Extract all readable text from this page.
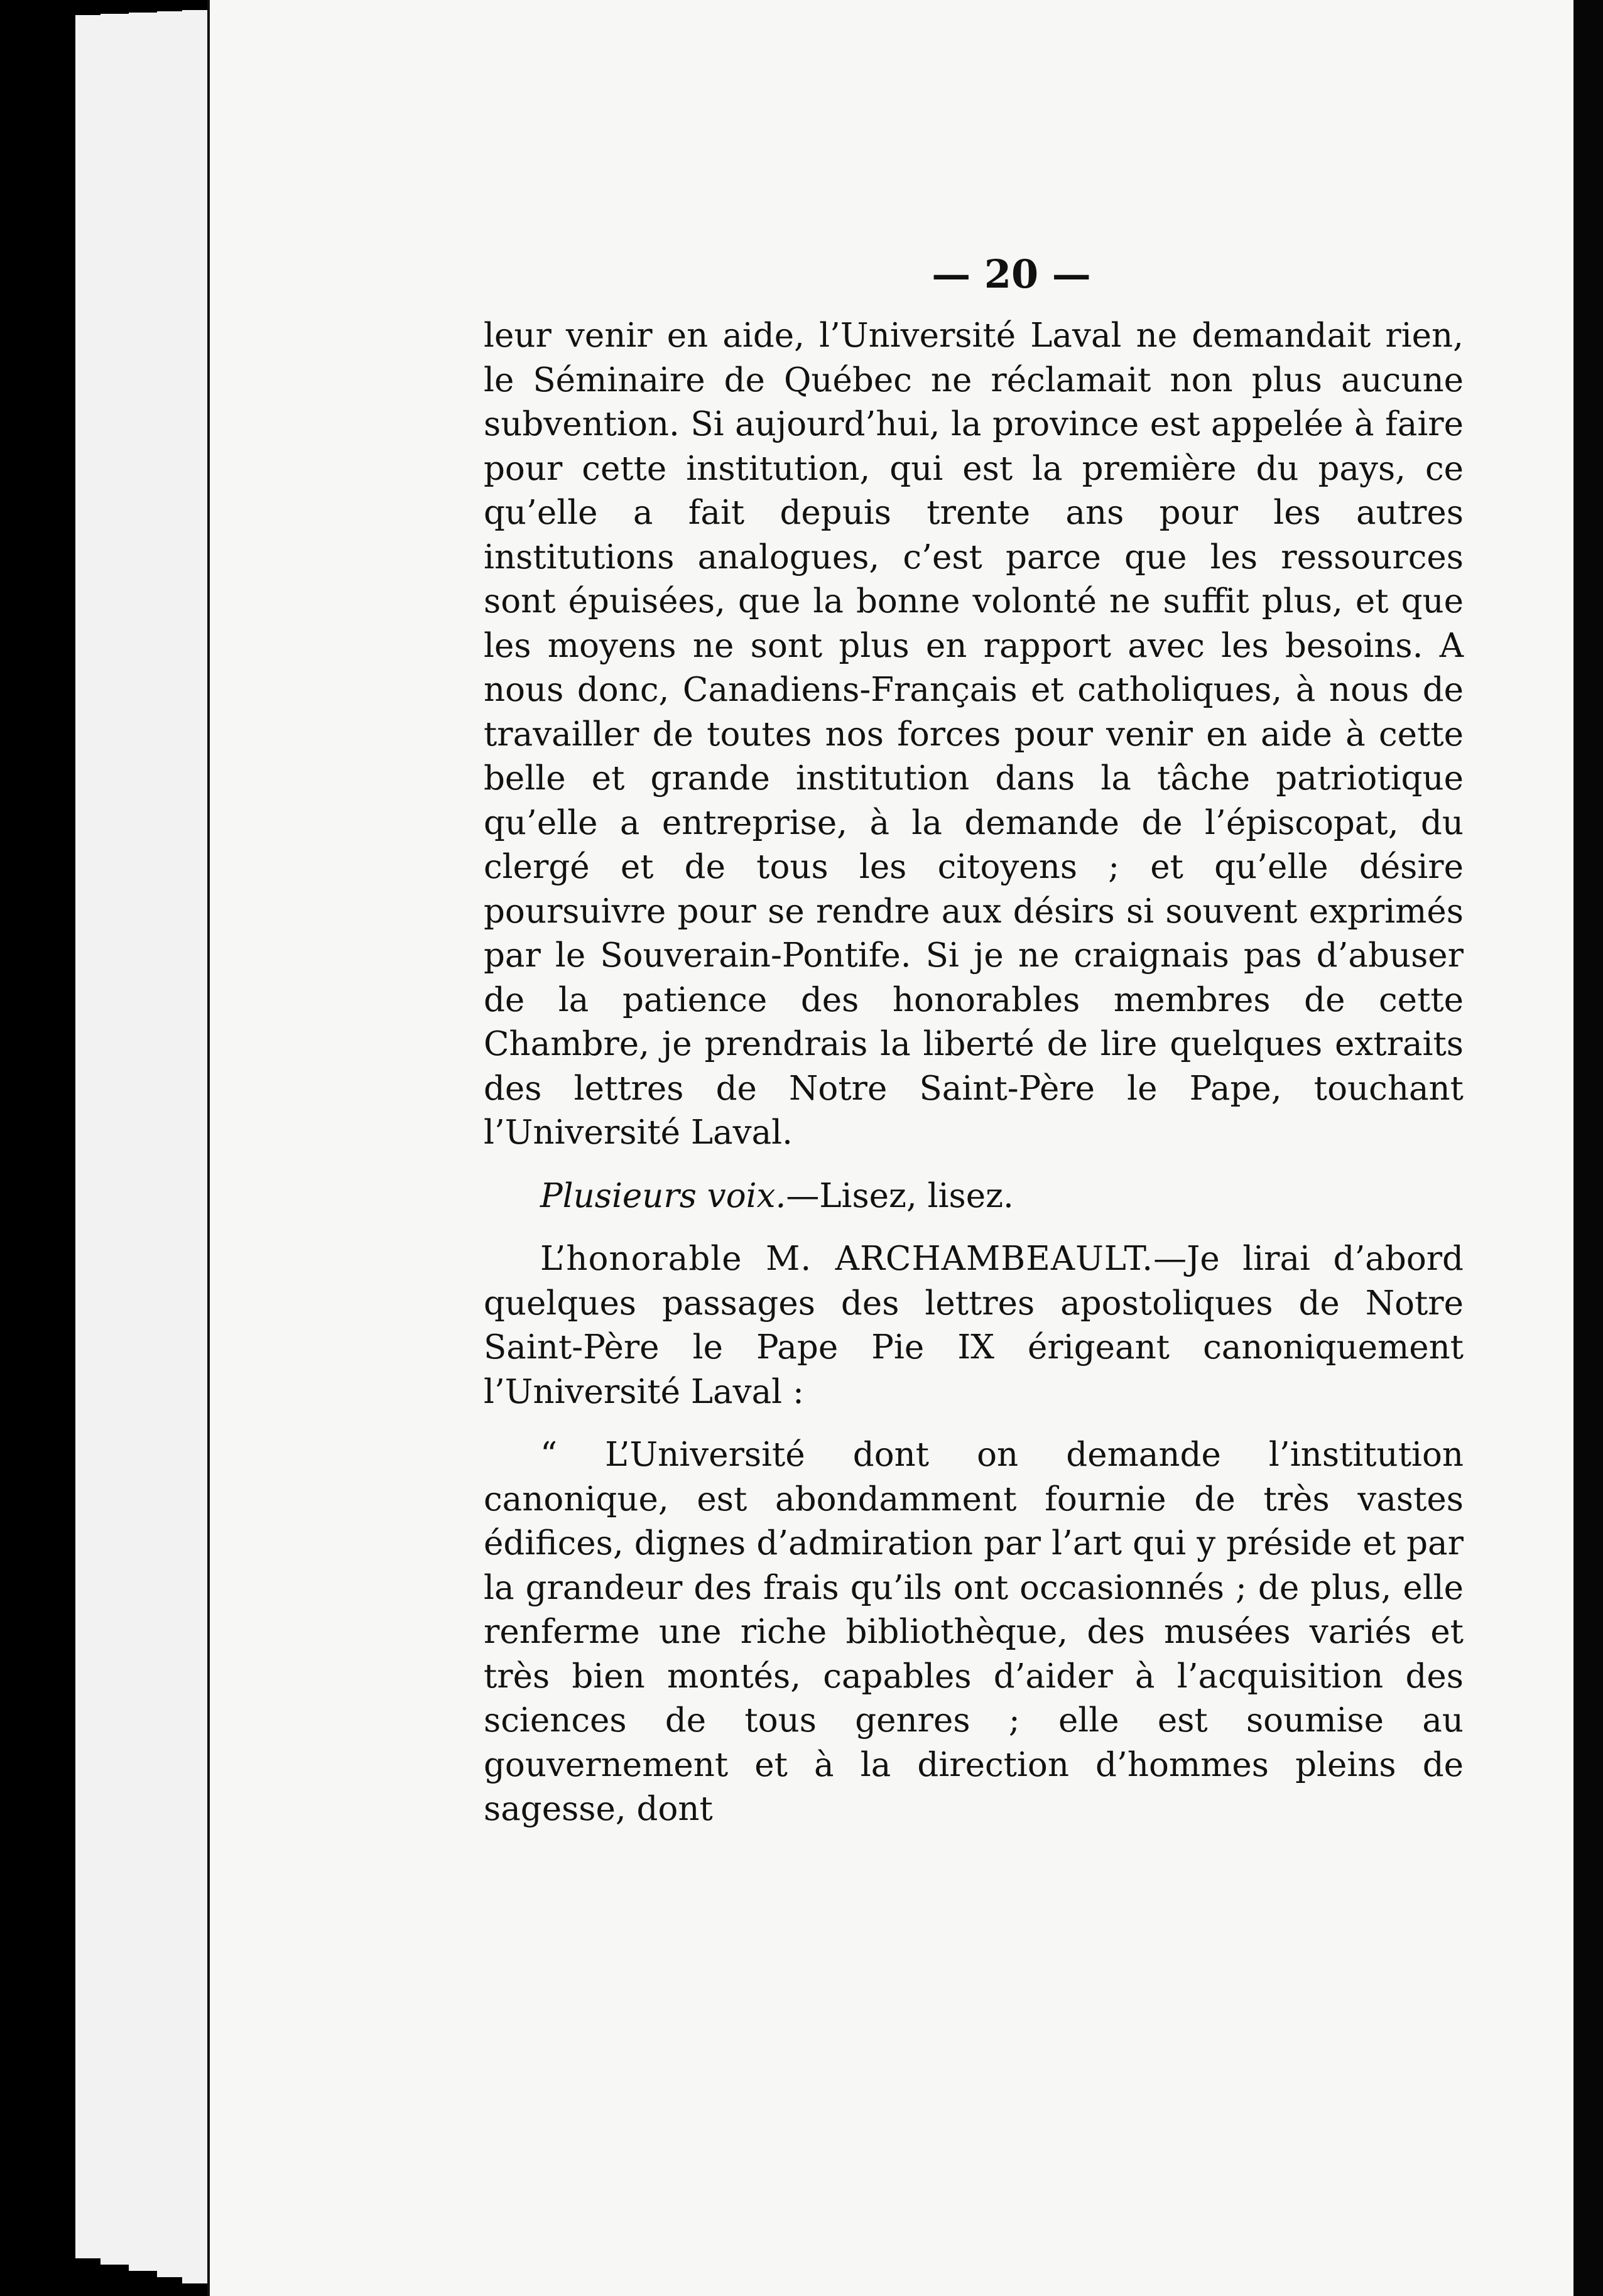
— 20 —

leur venir en aide, l’Université Laval ne demandait rien, le Séminaire de Québec ne réclamait non plus aucune subvention. Si aujourd’hui, la province est appelée à faire pour cette institution, qui est la première du pays, ce qu’elle a fait depuis trente ans pour les autres institutions analogues, c’est parce que les ressources sont épuisées, que la bonne volonté ne suffit plus, et que les moyens ne sont plus en rapport avec les besoins. A nous donc, Canadiens-Français et catholiques, à nous de travailler de toutes nos forces pour venir en aide à cette belle et grande institution dans la tâche patriotique qu’elle a entreprise, à la demande de l’épiscopat, du clergé et de tous les citoyens ; et qu’elle désire poursuivre pour se rendre aux désirs si souvent exprimés par le Souverain-Pontife. Si je ne craignais pas d’abuser de la patience des honorables membres de cette Chambre, je prendrais la liberté de lire quelques extraits des lettres de Notre Saint-Père le Pape, touchant l’Université Laval.

Plusieurs voix.—Lisez, lisez.

L’honorable M. ARCHAMBEAULT.—Je lirai d’abord quelques passages des lettres apostoliques de Notre Saint-Père le Pape Pie IX érigeant canoniquement l’Université Laval :

“ L’Université dont on demande l’institution canonique, est abondamment fournie de très vastes édifices, dignes d’admiration par l’art qui y préside et par la grandeur des frais qu’ils ont occasionnés ; de plus, elle renferme une riche bibliothèque, des musées variés et très bien montés, capables d’aider à l’acquisition des sciences de tous genres ; elle est soumise au gouvernement et à la direction d’hommes pleins de sagesse, dont
